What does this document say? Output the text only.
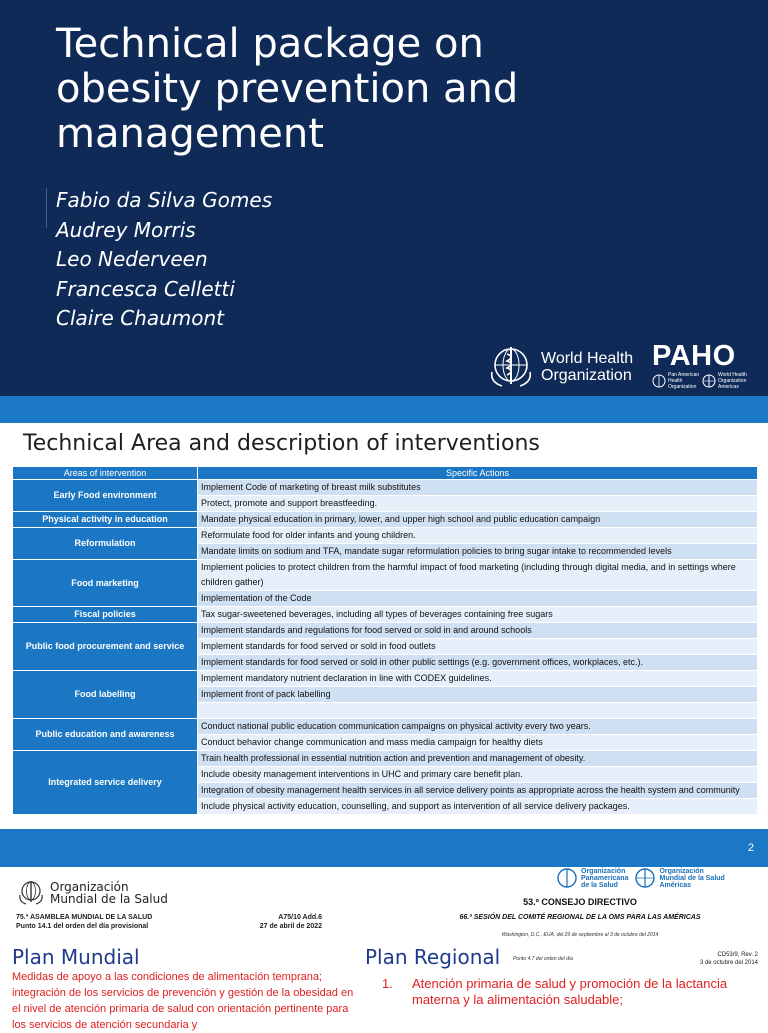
Technical package on
obesity prevention and
management
Fabio da Silva Gomes
Audrey Morris
Leo Nederveen
Francesca Celletti
Claire Chaumont
World Health
Organization
PAHO
Pan American
Health
Organization
World Health
Organization
Americas
Technical Area and description of interventions
Areas of intervention	Specific Actions
Early Food environment	Implement Code of marketing of breast milk substitutes
	Protect, promote and support breastfeeding.
Physical activity in education	Mandate physical education in primary, lower, and upper high school and public education campaign
Reformulation	Reformulate food for older infants and young children.
	Mandate limits on sodium and TFA, mandate sugar reformulation policies to bring sugar intake to recommended levels
Food marketing	Implement policies to protect children from the harmful impact of food marketing (including through digital media, and in settings where children gather)
	Implementation of the Code
Fiscal policies	Tax sugar-sweetened beverages, including all types of beverages containing free sugars
Public food procurement and service	Implement standards and regulations for food served or sold in and around schools
	Implement standards for food served or sold in food outlets
	Implement standards for food served or sold in other public settings (e.g. government offices, workplaces, etc.).
Food labelling	Implement mandatory nutrient declaration in line with CODEX guidelines.
	Implement front of pack labelling

Public education and awareness	Conduct national public education communication campaigns on physical activity every two years.
	Conduct behavior change communication and mass media campaign for healthy diets
Integrated service delivery	Train health professional in essential nutrition action and prevention and management of obesity.
	Include obesity management interventions in UHC and primary care benefit plan.
	Integration of obesity management health services in all service delivery points as appropriate across the health system and community
	Include physical activity education, counselling, and support as intervention of all service delivery packages.
2
Organización
Mundial de la Salud
75.ª ASAMBLEA MUNDIAL DE LA SALUD
Punto 14.1 del orden del día provisional
A75/10 Add.6
27 de abril de 2022
Plan Mundial
Medidas de apoyo a las condiciones de alimentación temprana; integración de los servicios de prevención y gestión de la obesidad en el nivel de atención primaria de salud con orientación pertinente para los servicios de atención secundaria y
Organización
Panamericana
de la Salud
Organización
Mundial de la Salud
Américas
53.º CONSEJO DIRECTIVO
66.ª SESIÓN DEL COMITÉ REGIONAL DE LA OMS PARA LAS AMÉRICAS
Washington, D.C., EUA, del 29 de septiembre al 3 de octubre del 2014
CD53/9, Rev. 2
3 de octubre del 2014
Plan Regional	Punto 4.7 del orden del día
1.	Atención primaria de salud y promoción de la lactancia materna y la alimentación saludable;
